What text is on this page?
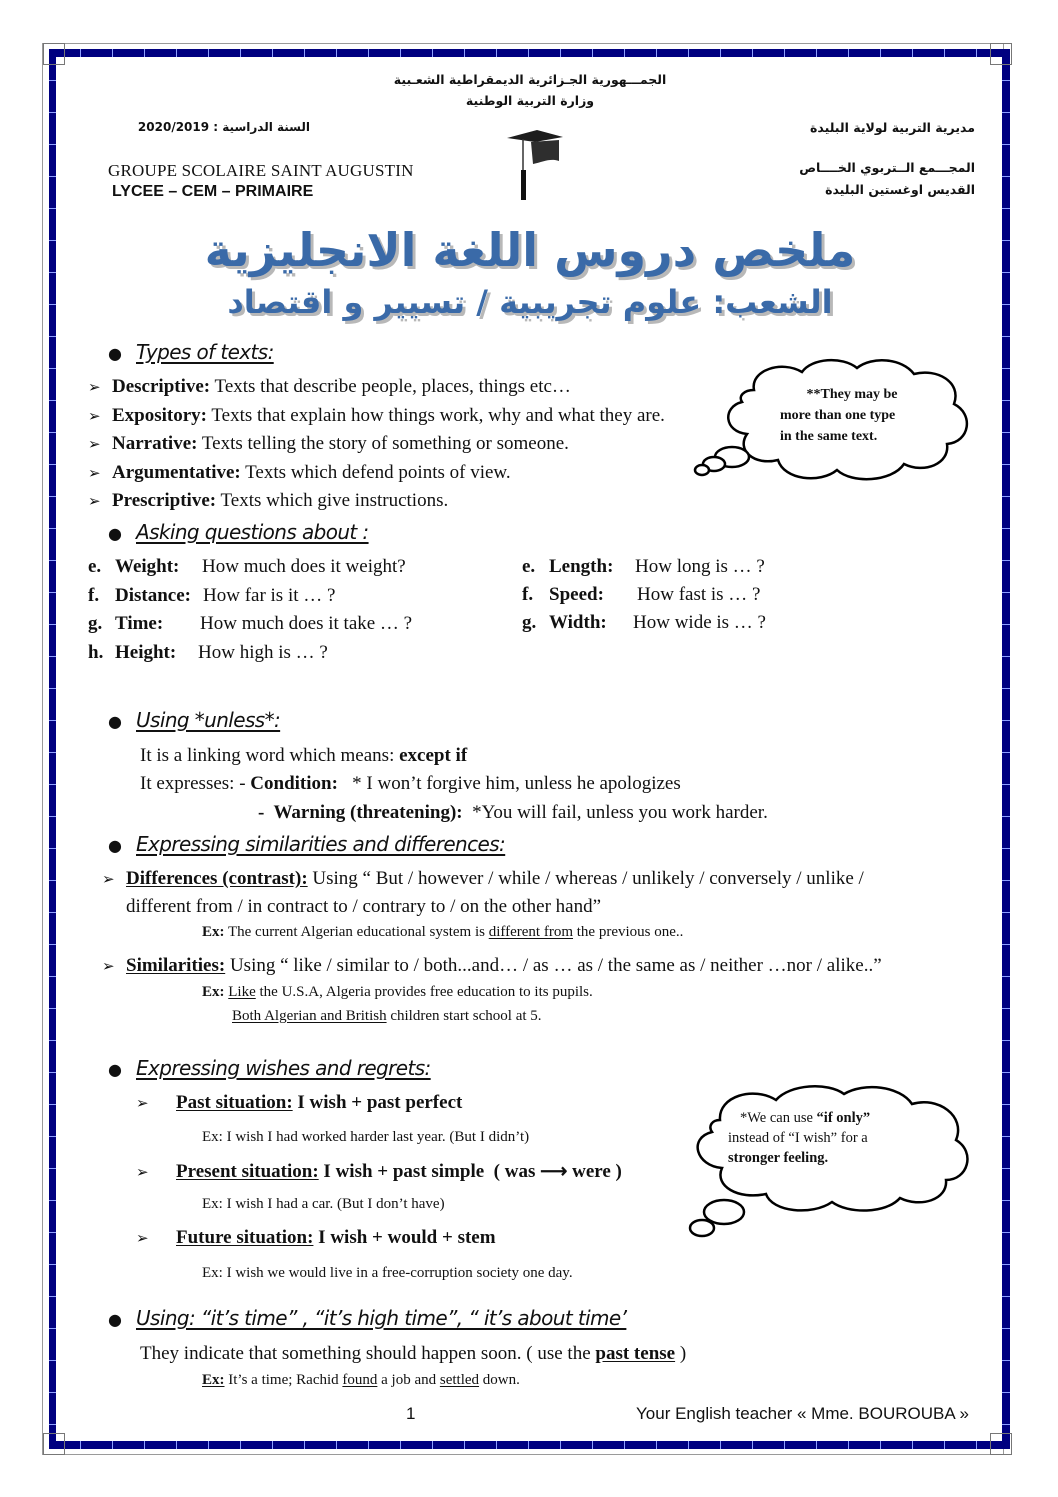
الجمـــهورية الجـزائرية الديمقراطية الشعـبية
وزارة التربية الوطنية
السنة الدراسية : 2020/2019	مديرية التربية لولاية البليدة
GROUPE SCOLAIRE SAINT AUGUSTIN
LYCEE – CEM – PRIMAIRE
المجـــمع الــتربوي الخــــاص
القديس اوغستين البليدة
ملخص دروس اللغة الانجليزية
الشعب: علوم تجريبية / تسيير و اقتصاد
● Types of texts:
➢ Descriptive: Texts that describe people, places, things etc…
➢ Expository: Texts that explain how things work, why and what they are.
➢ Narrative: Texts telling the story of something or someone.
➢ Argumentative: Texts which defend points of view.
➢ Prescriptive: Texts which give instructions.
**They may be
more than one type
in the same text.
● Asking questions about :
e. Weight: How much does it weight?
f. Distance: How far is it … ?
g. Time: How much does it take … ?
h. Height: How high is … ?
e. Length: How long is … ?
f. Speed: How fast is … ?
g. Width: How wide is … ?
● Using *unless*:
It is a linking word which means: except if
It expresses: - Condition:   * I won’t forgive him, unless he apologizes
-  Warning (threatening):  *You will fail, unless you work harder.
● Expressing similarities and differences:
➢ Differences (contrast): Using “ But / however / while / whereas / unlikely / conversely / unlike /
different from / in contract to / contrary to / on the other hand”
Ex: The current Algerian educational system is different from the previous one..
➢ Similarities: Using “ like / similar to / both...and… / as … as / the same as / neither …nor / alike..”
Ex: Like the U.S.A, Algeria provides free education to its pupils.
Both Algerian and British children start school at 5.
● Expressing wishes and regrets:
➢ Past situation: I wish + past perfect
Ex: I wish I had worked harder last year. (But I didn’t)
➢ Present situation: I wish + past simple  ( was ⟶ were )
Ex: I wish I had a car. (But I don’t have)
➢ Future situation: I wish + would + stem
Ex: I wish we would live in a free-corruption society one day.
*We can use “if only”
instead of “I wish” for a
stronger feeling.
● Using: “it’s time” , “it’s high time”, “ it’s about time’
They indicate that something should happen soon. ( use the past tense )
Ex: It’s a time; Rachid found a job and settled down.
1	Your English teacher « Mme. BOUROUBA »
